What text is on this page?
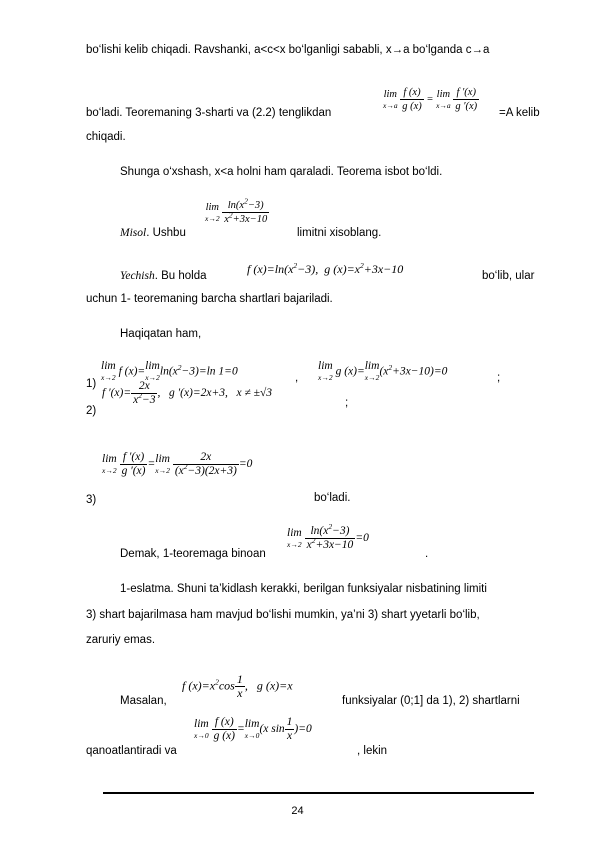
bo‘lishi kelib chiqadi. Ravshanki, a<c<x bo‘lganligi sababli, x→a bo‘lganda c→a
bo‘ladi. Teoremaning 3-sharti va (2.2) tenglikdan
lim
x→a
$\frac{f (x)}{g (x)} = \lim$
x→a
$\frac{f '(x)}{g '(x)} =A$ kelib
chiqadi.
Shunga o‘xshash, x<a holni ham qaraladi. Teorema isbot bo‘ldi.
Misol. Ushbu
lim
x→2
$\frac{\ln(x^2-3)}{x^2+3x-10}$
limitni xisoblang.
Yechish. Bu holda	f $(x)=\ln(x^2-3)$,  g $(x)=x^2+3x-10$	bo‘lib, ular
uchun 1- teoremaning barcha shartlari bajariladi.
Haqiqatan ham,
1)
lim
x→2 f (x)=lim
x→2 $\ln(x^2-3)=\ln$ 1=0
,
lim
x→2 g (x)=lim
x→2 $(x^2+3x-10)=0$
;
2)
f $'(x)= \frac{2x}{x^2-3}$ ,   g ′(x)=2x+3,   x ≠ ±√3
;
3)
lim
x→2
$\frac{f '(x)}{g '(x)} =\lim$
x→2
$\frac{2x}{(x^2-3)(2x+3)} =0$
bo‘ladi.
Demak, 1-teoremaga binoan
lim
x→2
$\frac{\ln(x^2-3)}{x^2+3x-10} =0$
.
1-eslatma. Shuni ta’kidlash kerakki, berilgan funksiyalar nisbatining limiti
3) shart bajarilmasa ham mavjud bo‘lishi mumkin, ya’ni 3) shart yyetarli bo‘lib,
zaruriy emas.
Masalan,
f $(x)=x^2\cos \frac{1}{x}$ ,   g (x)=x
funksiyalar (0;1] da 1), 2) shartlarni
qanoatlantiradi va
lim
x→0
$\frac{f (x)}{g (x)} =\lim$
x→0 (x $\sin \frac{1}{x} )=0$
, lekin
24
